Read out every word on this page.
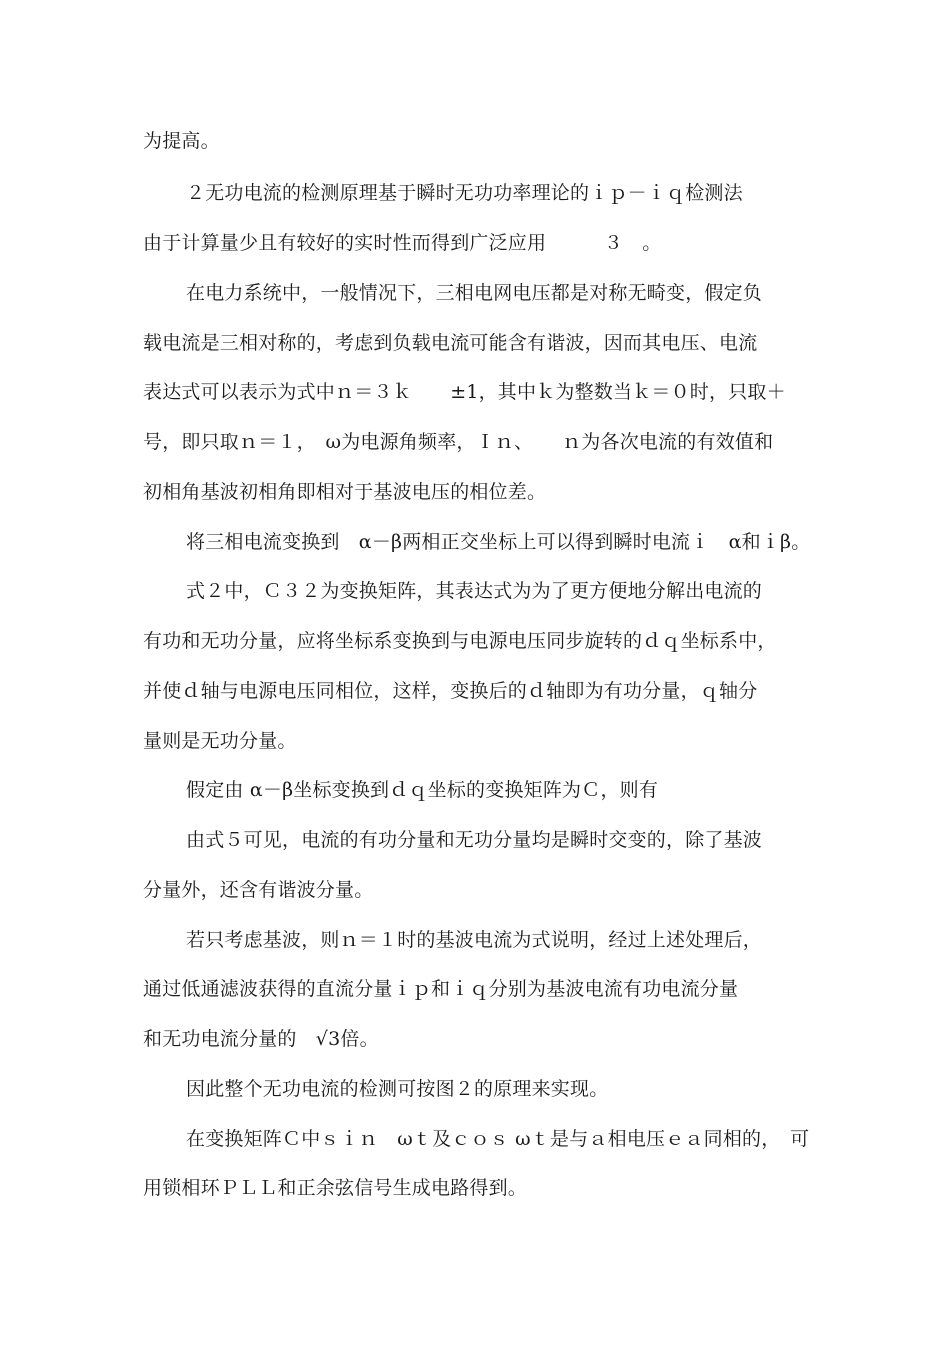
为提高。
２无功电流的检测原理基于瞬时无功功率理论的ｉｐ－ｉｑ检测法
由于计算量少且有较好的实时性而得到广泛应用　　　３　。
在电力系统中，一般情况下，三相电网电压都是对称无畸变，假定负
载电流是三相对称的，考虑到负载电流可能含有谐波，因而其电压、电流
表达式可以表示为式中ｎ＝３ｋ　　±1，其中ｋ为整数当ｋ＝０时，只取＋
号，即只取ｎ＝１，　ω为电源角频率，Ｉｎ、　　ｎ为各次电流的有效值和
初相角基波初相角即相对于基波电压的相位差。
将三相电流变换到　α－β两相正交坐标上可以得到瞬时电流ｉ　α和ｉβ。
式２中，Ｃ３２为变换矩阵，其表达式为为了更方便地分解出电流的
有功和无功分量，应将坐标系变换到与电源电压同步旋转的ｄｑ坐标系中，
并使ｄ轴与电源电压同相位，这样，变换后的ｄ轴即为有功分量，ｑ轴分
量则是无功分量。
假定由 α－β坐标变换到ｄｑ坐标的变换矩阵为Ｃ，则有
由式５可见，电流的有功分量和无功分量均是瞬时交变的，除了基波
分量外，还含有谐波分量。
若只考虑基波，则ｎ＝１时的基波电流为式说明，经过上述处理后，
通过低通滤波获得的直流分量ｉｐ和ｉｑ分别为基波电流有功电流分量
和无功电流分量的　√3倍。
因此整个无功电流的检测可按图２的原理来实现。
在变换矩阵Ｃ中ｓｉｎ　ωｔ及ｃｏｓ ωｔ是与ａ相电压ｅａ同相的，　可
用锁相环ＰＬＬ和正余弦信号生成电路得到。
